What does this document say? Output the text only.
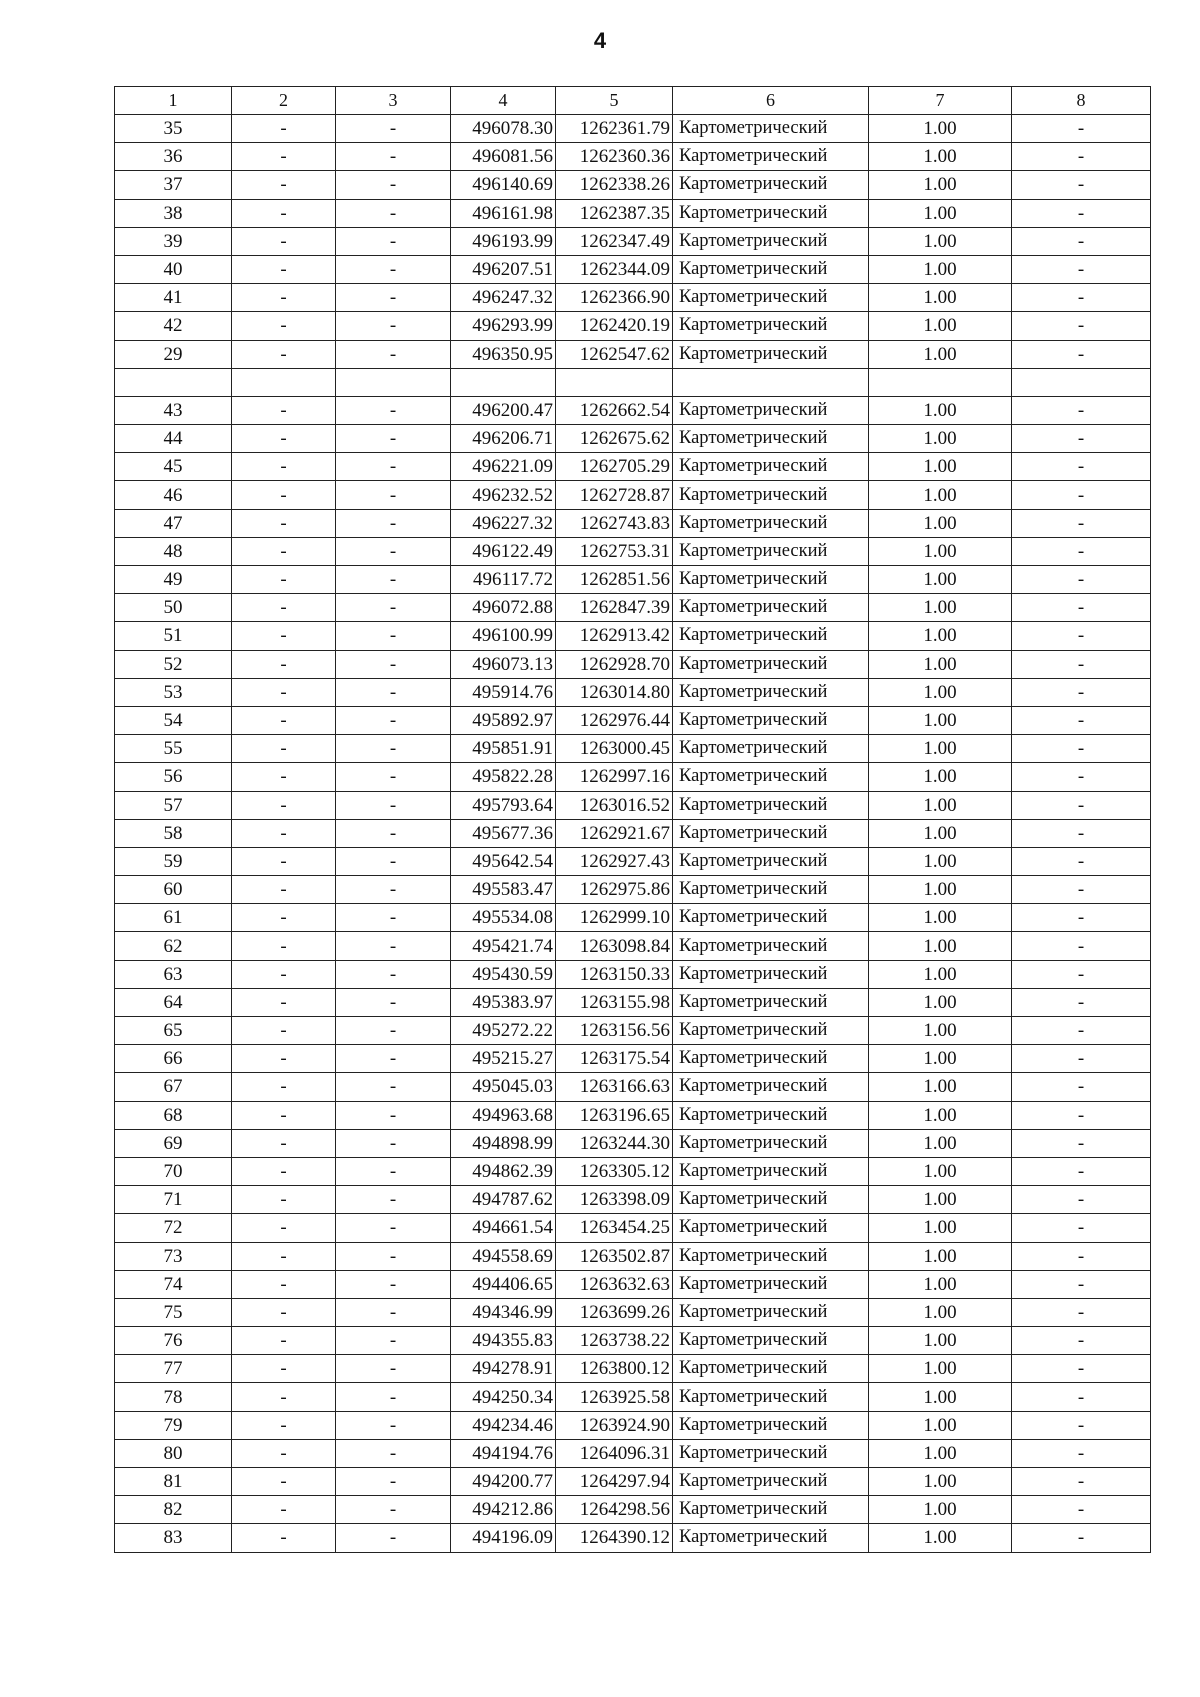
4
1	2	3	4	5	6	7	8
35	-	-	496078.30	1262361.79	Картометрический	1.00	-
36	-	-	496081.56	1262360.36	Картометрический	1.00	-
37	-	-	496140.69	1262338.26	Картометрический	1.00	-
38	-	-	496161.98	1262387.35	Картометрический	1.00	-
39	-	-	496193.99	1262347.49	Картометрический	1.00	-
40	-	-	496207.51	1262344.09	Картометрический	1.00	-
41	-	-	496247.32	1262366.90	Картометрический	1.00	-
42	-	-	496293.99	1262420.19	Картометрический	1.00	-
29	-	-	496350.95	1262547.62	Картометрический	1.00	-

43	-	-	496200.47	1262662.54	Картометрический	1.00	-
44	-	-	496206.71	1262675.62	Картометрический	1.00	-
45	-	-	496221.09	1262705.29	Картометрический	1.00	-
46	-	-	496232.52	1262728.87	Картометрический	1.00	-
47	-	-	496227.32	1262743.83	Картометрический	1.00	-
48	-	-	496122.49	1262753.31	Картометрический	1.00	-
49	-	-	496117.72	1262851.56	Картометрический	1.00	-
50	-	-	496072.88	1262847.39	Картометрический	1.00	-
51	-	-	496100.99	1262913.42	Картометрический	1.00	-
52	-	-	496073.13	1262928.70	Картометрический	1.00	-
53	-	-	495914.76	1263014.80	Картометрический	1.00	-
54	-	-	495892.97	1262976.44	Картометрический	1.00	-
55	-	-	495851.91	1263000.45	Картометрический	1.00	-
56	-	-	495822.28	1262997.16	Картометрический	1.00	-
57	-	-	495793.64	1263016.52	Картометрический	1.00	-
58	-	-	495677.36	1262921.67	Картометрический	1.00	-
59	-	-	495642.54	1262927.43	Картометрический	1.00	-
60	-	-	495583.47	1262975.86	Картометрический	1.00	-
61	-	-	495534.08	1262999.10	Картометрический	1.00	-
62	-	-	495421.74	1263098.84	Картометрический	1.00	-
63	-	-	495430.59	1263150.33	Картометрический	1.00	-
64	-	-	495383.97	1263155.98	Картометрический	1.00	-
65	-	-	495272.22	1263156.56	Картометрический	1.00	-
66	-	-	495215.27	1263175.54	Картометрический	1.00	-
67	-	-	495045.03	1263166.63	Картометрический	1.00	-
68	-	-	494963.68	1263196.65	Картометрический	1.00	-
69	-	-	494898.99	1263244.30	Картометрический	1.00	-
70	-	-	494862.39	1263305.12	Картометрический	1.00	-
71	-	-	494787.62	1263398.09	Картометрический	1.00	-
72	-	-	494661.54	1263454.25	Картометрический	1.00	-
73	-	-	494558.69	1263502.87	Картометрический	1.00	-
74	-	-	494406.65	1263632.63	Картометрический	1.00	-
75	-	-	494346.99	1263699.26	Картометрический	1.00	-
76	-	-	494355.83	1263738.22	Картометрический	1.00	-
77	-	-	494278.91	1263800.12	Картометрический	1.00	-
78	-	-	494250.34	1263925.58	Картометрический	1.00	-
79	-	-	494234.46	1263924.90	Картометрический	1.00	-
80	-	-	494194.76	1264096.31	Картометрический	1.00	-
81	-	-	494200.77	1264297.94	Картометрический	1.00	-
82	-	-	494212.86	1264298.56	Картометрический	1.00	-
83	-	-	494196.09	1264390.12	Картометрический	1.00	-
